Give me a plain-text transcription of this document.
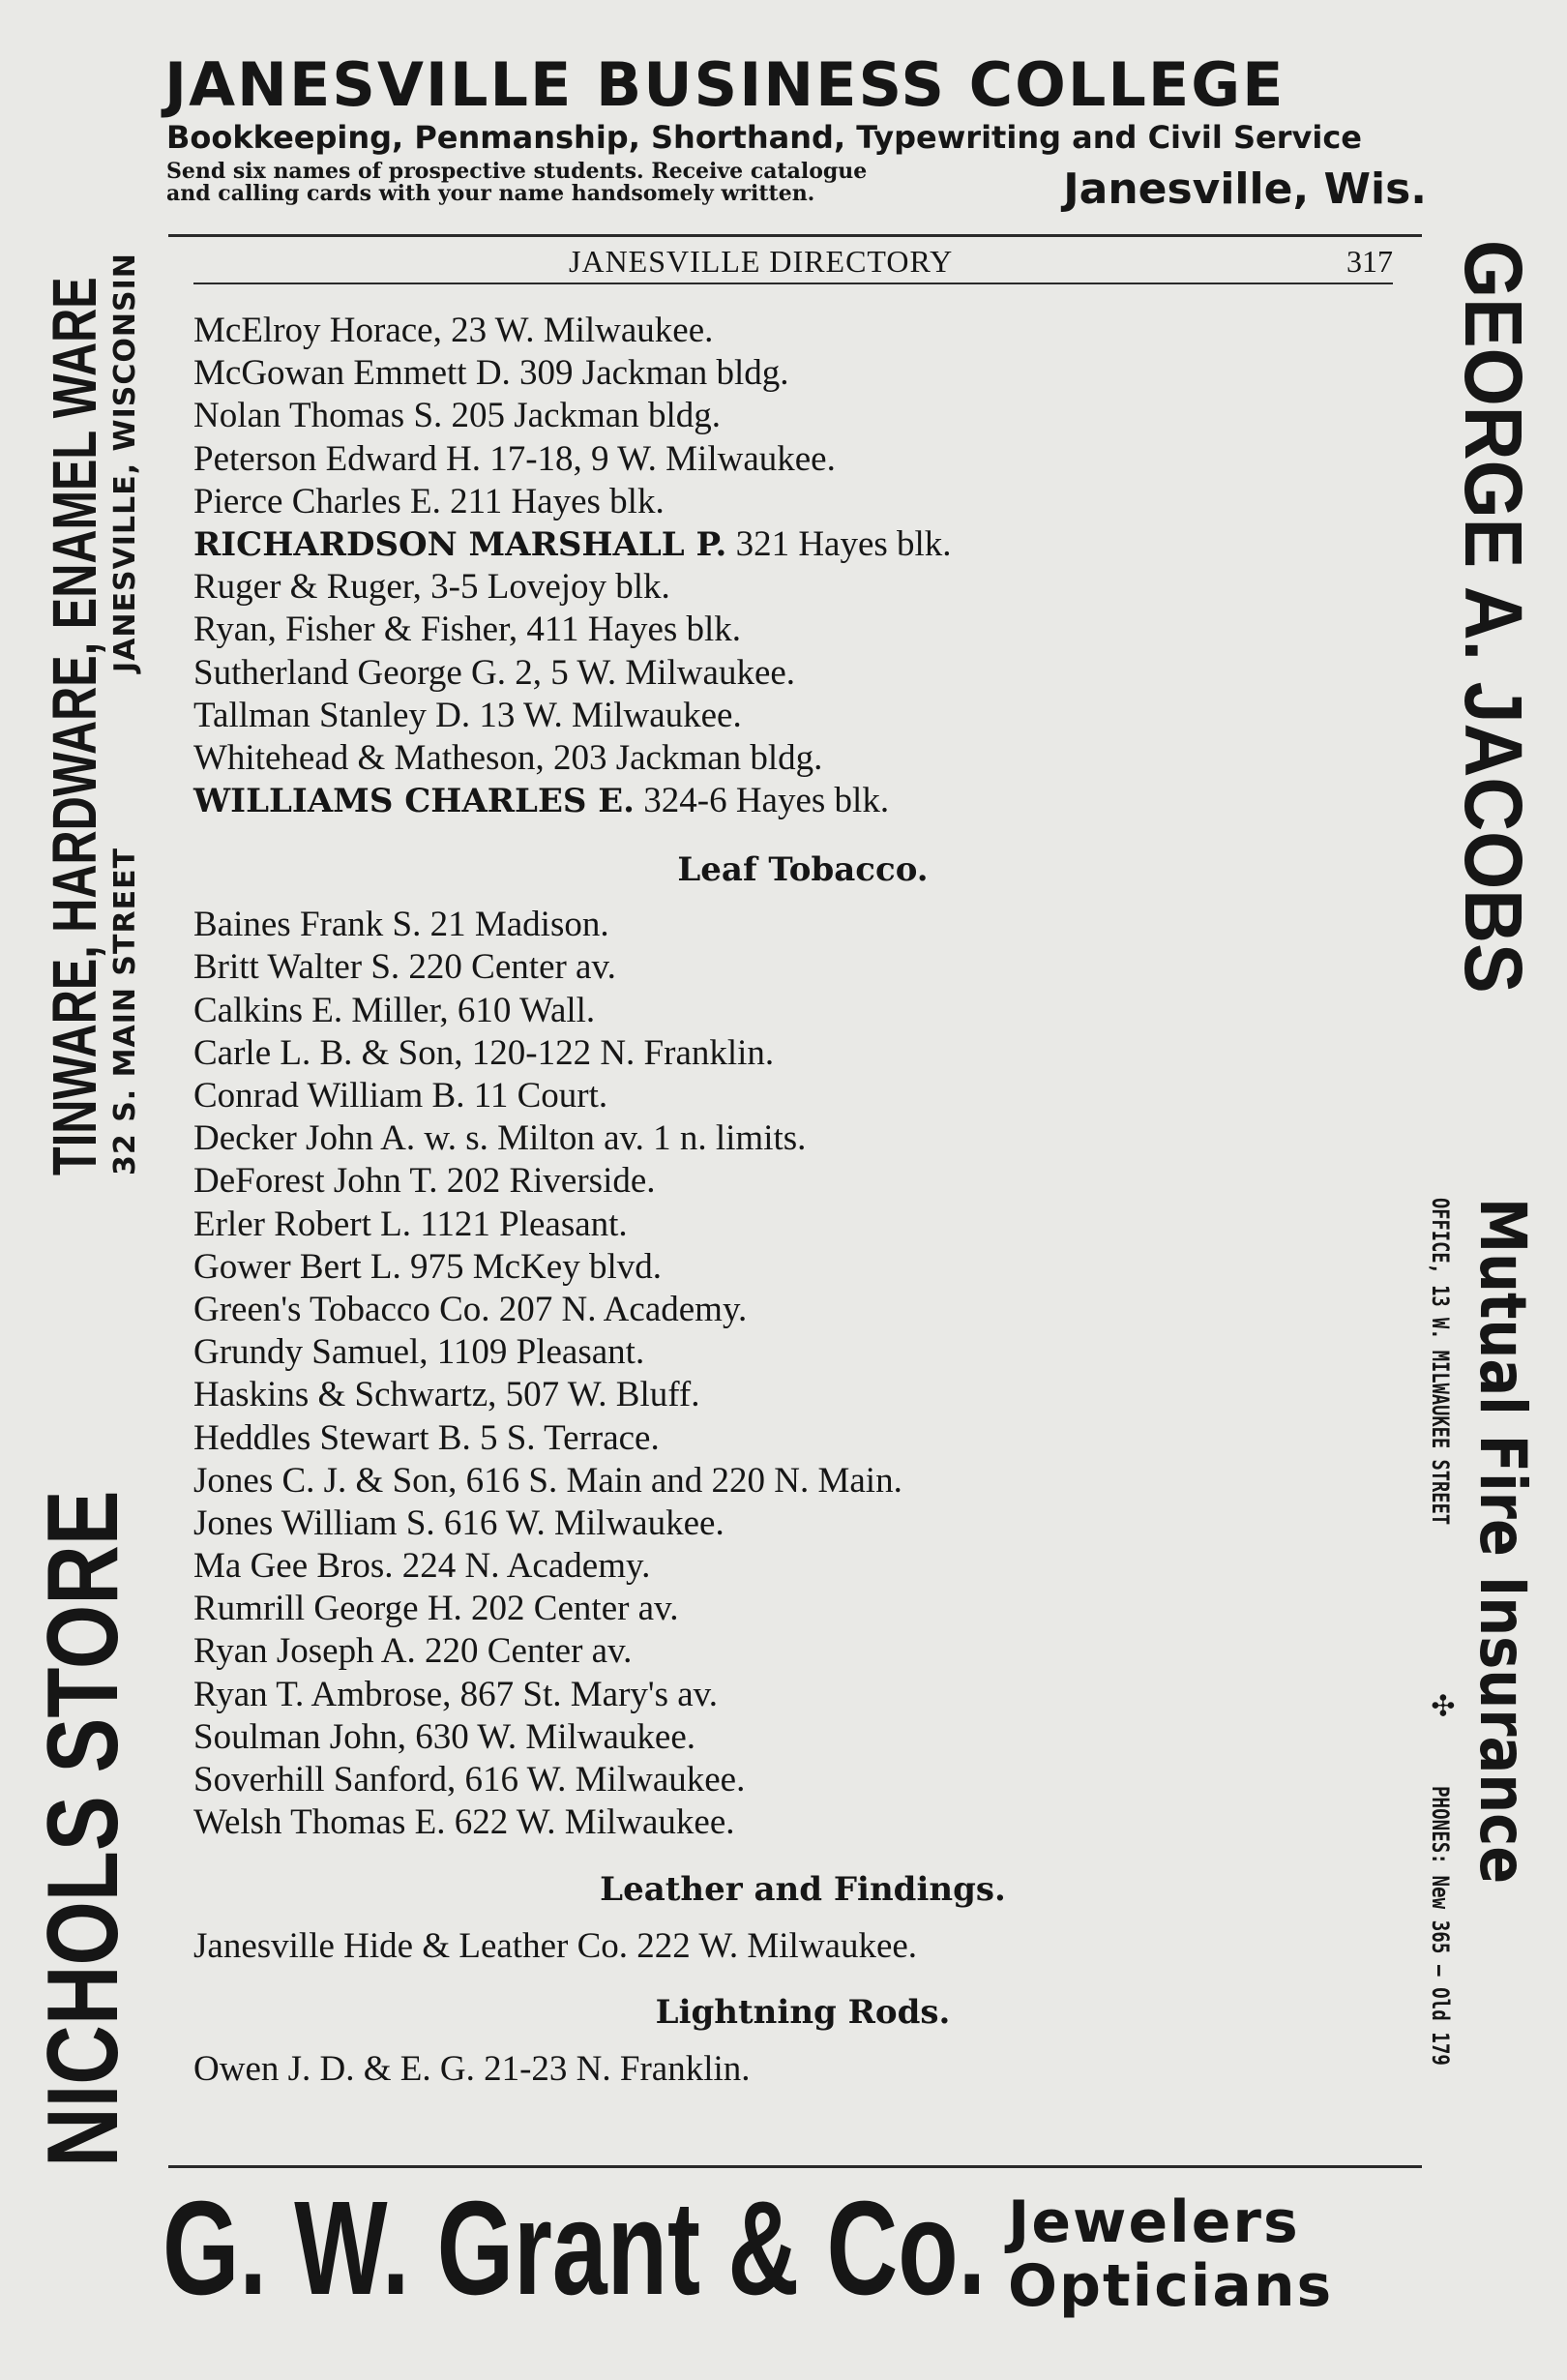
JANESVILLE BUSINESS COLLEGE
Bookkeeping, Penmanship, Shorthand, Typewriting and Civil Service
Send six names of prospective students. Receive catalogue
and calling cards with your name handsomely written.	Janesville, Wis.
JANESVILLE DIRECTORY	317
McElroy Horace, 23 W. Milwaukee.
McGowan Emmett D. 309 Jackman bldg.
Nolan Thomas S. 205 Jackman bldg.
Peterson Edward H. 17-18, 9 W. Milwaukee.
Pierce Charles E. 211 Hayes blk.
RICHARDSON MARSHALL P. 321 Hayes blk.
Ruger & Ruger, 3-5 Lovejoy blk.
Ryan, Fisher & Fisher, 411 Hayes blk.
Sutherland George G. 2, 5 W. Milwaukee.
Tallman Stanley D. 13 W. Milwaukee.
Whitehead & Matheson, 203 Jackman bldg.
WILLIAMS CHARLES E. 324-6 Hayes blk.
Leaf Tobacco.
Baines Frank S. 21 Madison.
Britt Walter S. 220 Center av.
Calkins E. Miller, 610 Wall.
Carle L. B. & Son, 120-122 N. Franklin.
Conrad William B. 11 Court.
Decker John A. w. s. Milton av. 1 n. limits.
DeForest John T. 202 Riverside.
Erler Robert L. 1121 Pleasant.
Gower Bert L. 975 McKey blvd.
Green's Tobacco Co. 207 N. Academy.
Grundy Samuel, 1109 Pleasant.
Haskins & Schwartz, 507 W. Bluff.
Heddles Stewart B. 5 S. Terrace.
Jones C. J. & Son, 616 S. Main and 220 N. Main.
Jones William S. 616 W. Milwaukee.
Ma Gee Bros. 224 N. Academy.
Rumrill George H. 202 Center av.
Ryan Joseph A. 220 Center av.
Ryan T. Ambrose, 867 St. Mary's av.
Soulman John, 630 W. Milwaukee.
Soverhill Sanford, 616 W. Milwaukee.
Welsh Thomas E. 622 W. Milwaukee.
Leather and Findings.
Janesville Hide & Leather Co. 222 W. Milwaukee.
Lightning Rods.
Owen J. D. & E. G. 21-23 N. Franklin.
NICHOLS STORE
TINWARE, HARDWARE, ENAMEL WARE 32 S. MAIN STREET
JANESVILLE, WISCONSIN	GEORGE A. JACOBS
Mutual Fire Insurance
OFFICE, 13 W. MILWAUKEE STREET
✣
PHONES: New 365 — Old 179
G. W. Grant & Co. Jewelers
Opticians
